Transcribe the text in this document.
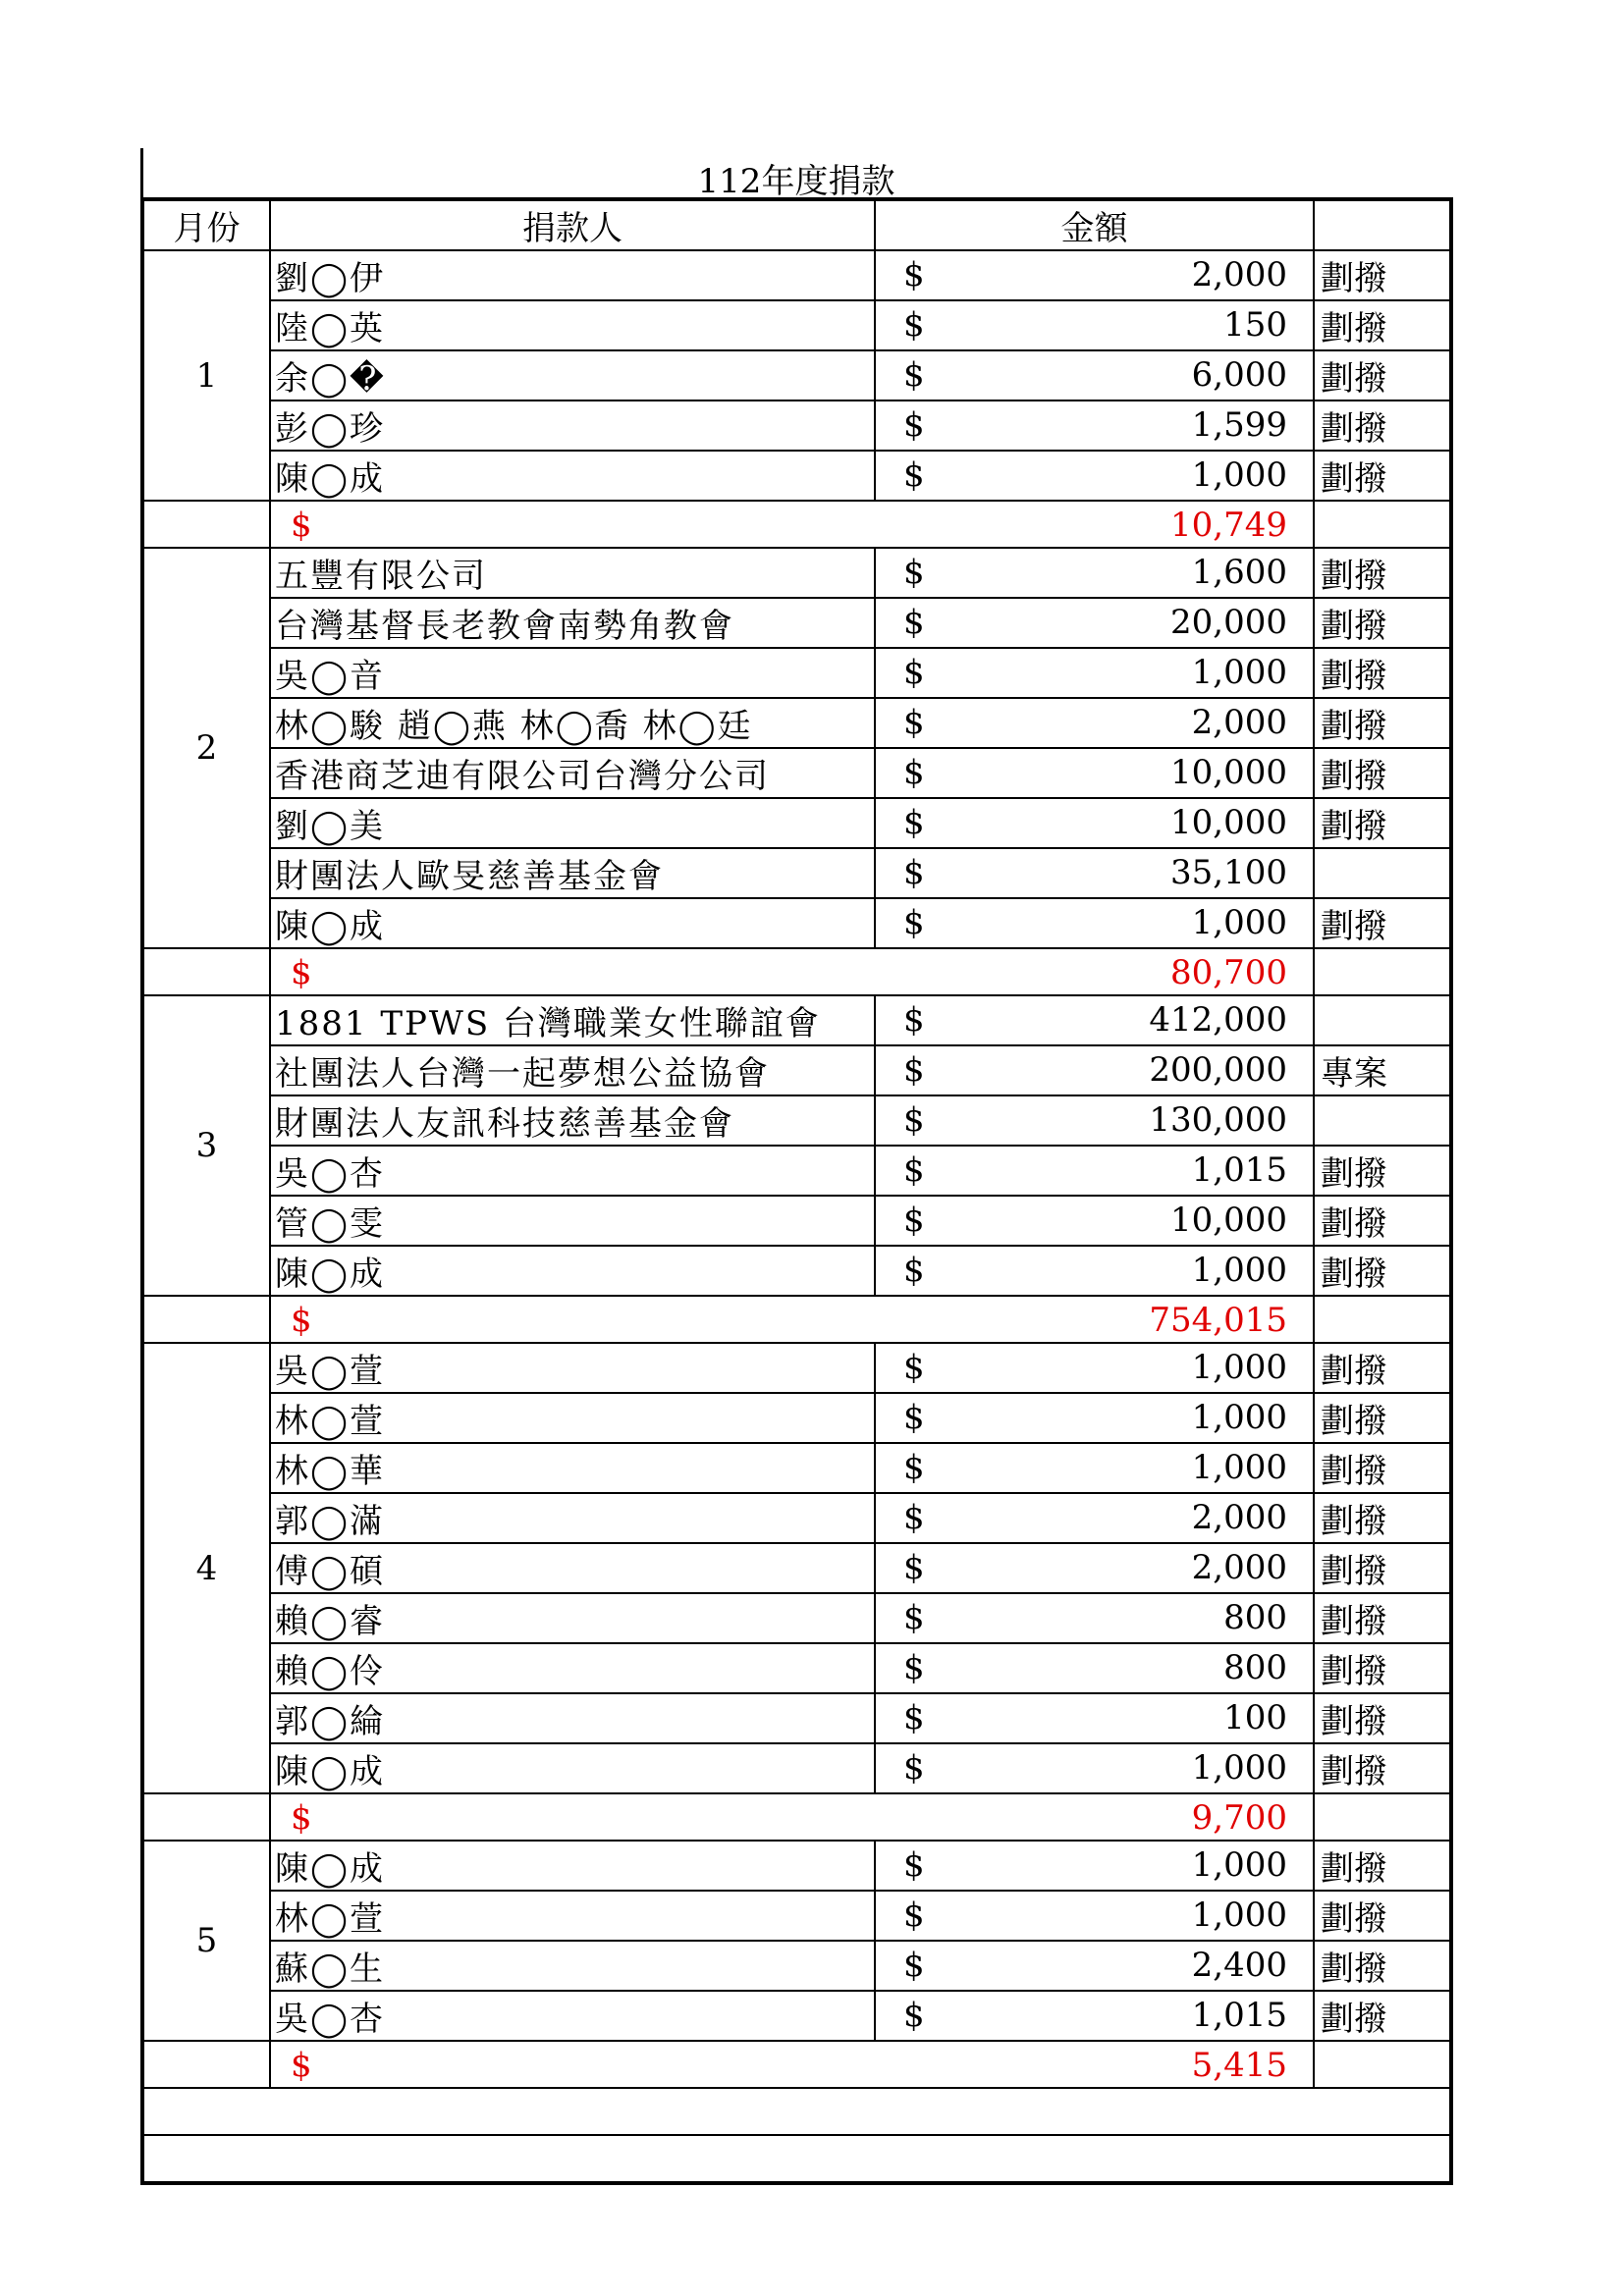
112年度捐款
月份	捐款人	金額	
1	劉◯伊	$ 2,000	劃撥
	陸◯英	$ 150	劃撥
	余◯�	$ 6,000	劃撥
	彭◯珍	$ 1,599	劃撥
	陳◯成	$ 1,000	劃撥

	$ 10,749		

2	五豐有限公司	$ 1,600	劃撥
	台灣基督長老教會南勢角教會	$ 20,000	劃撥
	吳◯音	$ 1,000	劃撥
	林◯駿 趙◯燕 林◯喬 林◯廷	$ 2,000	劃撥
	香港商芝迪有限公司台灣分公司	$ 10,000	劃撥
	劉◯美	$ 10,000	劃撥
	財團法人歐旻慈善基金會	$ 35,100	

	陳◯成	$ 1,000	劃撥

	$ 80,700		

3	1881 TPWS 台灣職業女性聯誼會	$ 412,000	

	社團法人台灣一起夢想公益協會	$ 200,000	專案
	財團法人友訊科技慈善基金會	$ 130,000	

	吳◯杏	$ 1,015	劃撥
	管◯雯	$ 10,000	劃撥
	陳◯成	$ 1,000	劃撥

	$ 754,015		

4	吳◯萱	$ 1,000	劃撥
	林◯萱	$ 1,000	劃撥
	林◯華	$ 1,000	劃撥
	郭◯滿	$ 2,000	劃撥
	傅◯碩	$ 2,000	劃撥
	賴◯睿	$ 800	劃撥
	賴◯伶	$ 800	劃撥
	郭◯綸	$ 100	劃撥
	陳◯成	$ 1,000	劃撥

	$ 9,700		

5	陳◯成	$ 1,000	劃撥
	林◯萱	$ 1,000	劃撥
	蘇◯生	$ 2,400	劃撥
	吳◯杏	$ 1,015	劃撥

	$ 5,415		
